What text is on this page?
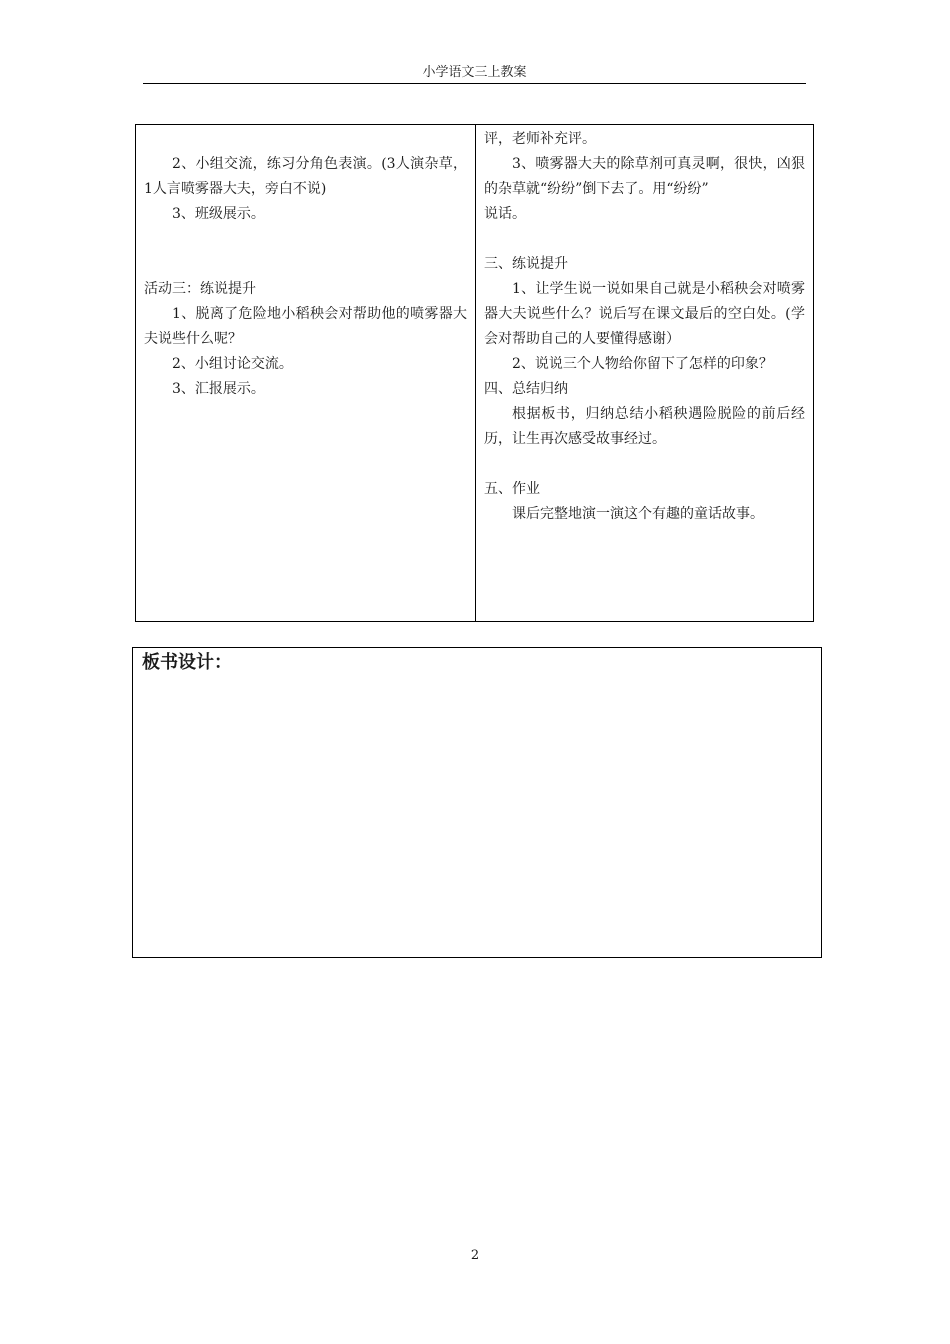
小学语文三上教案

2、小组交流，练习分角色表演。(3人演杂草，1人言喷雾器大夫，旁白不说)

3、班级展示。

活动三：练说提升

1、脱离了危险地小稻秧会对帮助他的喷雾器大夫说些什么呢？

2、小组讨论交流。

3、汇报展示。

评，老师补充评。

3、喷雾器大夫的除草剂可真灵啊，很快，凶狠的杂草就“纷纷”倒下去了。用“纷纷”

说话。

三、练说提升

1、让学生说一说如果自己就是小稻秧会对喷雾器大夫说些什么？说后写在课文最后的空白处。(学会对帮助自己的人要懂得感谢）

2、说说三个人物给你留下了怎样的印象？

四、总结归纳

根据板书，归纳总结小稻秧遇险脱险的前后经历，让生再次感受故事经过。

五、作业

课后完整地演一演这个有趣的童话故事。

板书设计：
2
